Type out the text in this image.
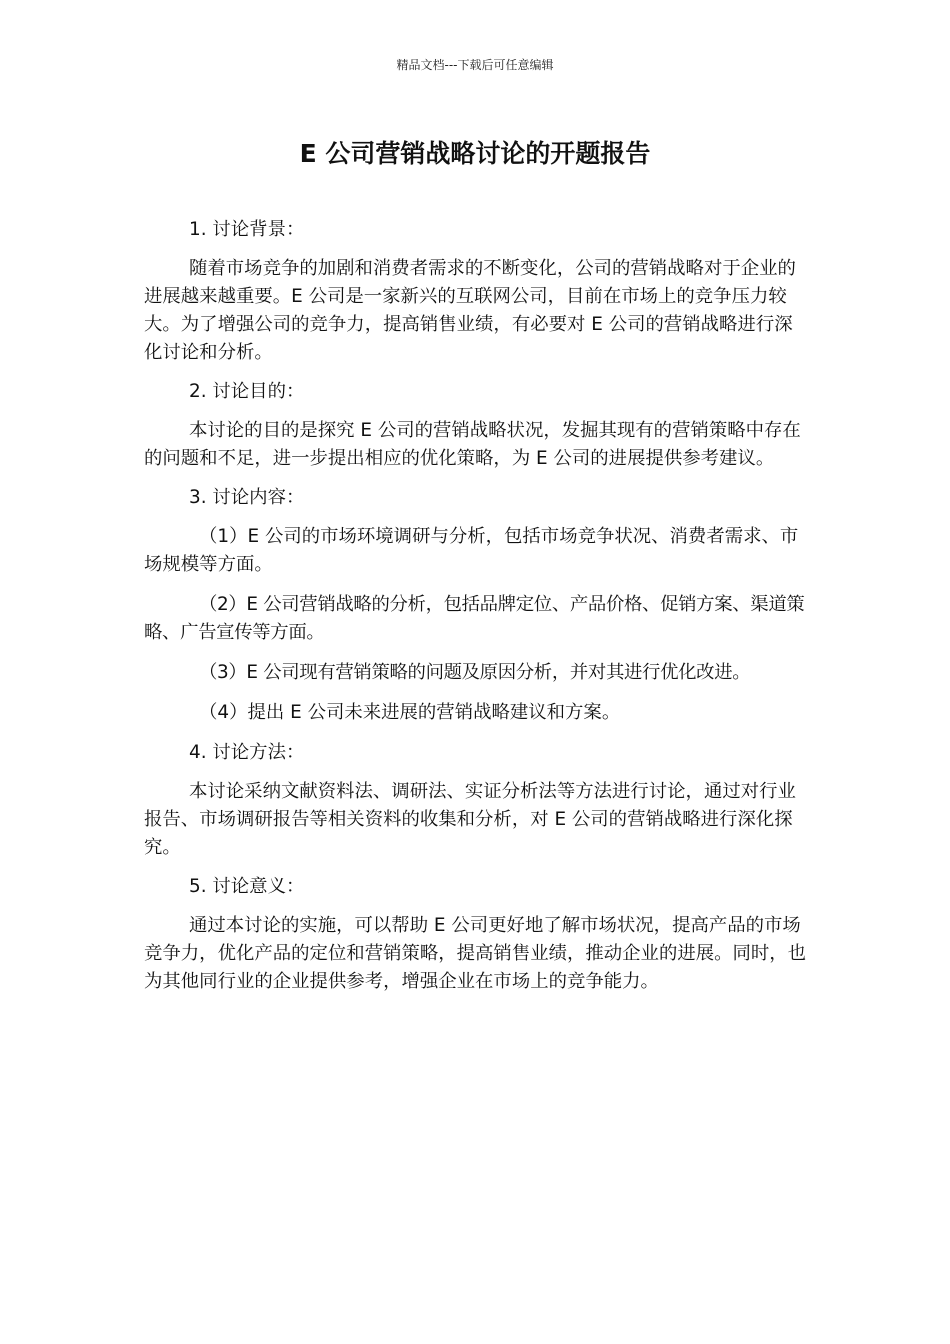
精品文档---下载后可任意编辑
E 公司营销战略讨论的开题报告

1. 讨论背景：

随着市场竞争的加剧和消费者需求的不断变化，公司的营销战略对于企业的进展越来越重要。E 公司是一家新兴的互联网公司，目前在市场上的竞争压力较大。为了增强公司的竞争力，提高销售业绩，有必要对 E 公司的营销战略进行深化讨论和分析。

2. 讨论目的：

本讨论的目的是探究 E 公司的营销战略状况，发掘其现有的营销策略中存在的问题和不足，进一步提出相应的优化策略，为 E 公司的进展提供参考建议。

3. 讨论内容：

（1）E 公司的市场环境调研与分析，包括市场竞争状况、消费者需求、市场规模等方面。

（2）E 公司营销战略的分析，包括品牌定位、产品价格、促销方案、渠道策略、广告宣传等方面。

（3）E 公司现有营销策略的问题及原因分析，并对其进行优化改进。

（4）提出 E 公司未来进展的营销战略建议和方案。

4. 讨论方法：

本讨论采纳文献资料法、调研法、实证分析法等方法进行讨论，通过对行业报告、市场调研报告等相关资料的收集和分析，对 E 公司的营销战略进行深化探究。

5. 讨论意义：

通过本讨论的实施，可以帮助 E 公司更好地了解市场状况，提高产品的市场竞争力，优化产品的定位和营销策略，提高销售业绩，推动企业的进展。同时，也为其他同行业的企业提供参考，增强企业在市场上的竞争能力。
